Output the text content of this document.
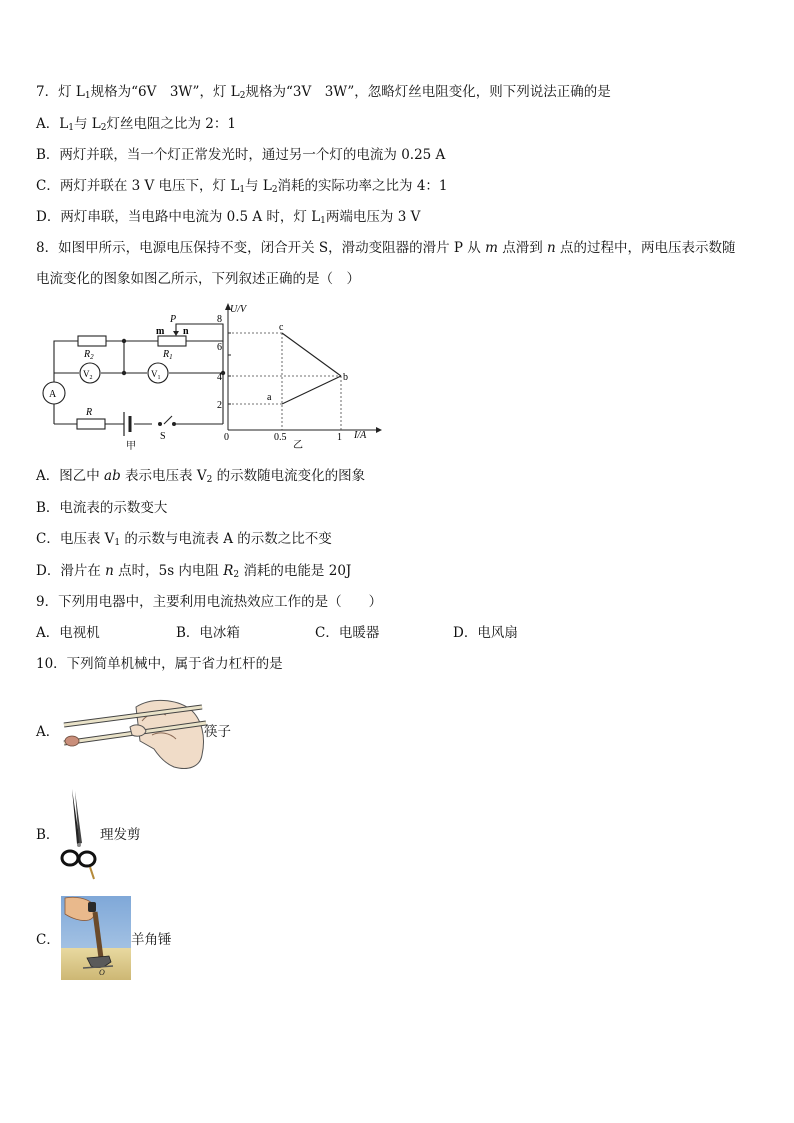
7．灯 $L_1$规格为“6V　3W”，灯 $L_2$规格为“3V　3W”，忽略灯丝电阻变化，则下列说法正确的是
A．$L_1$与 $L_2$灯丝电阻之比为 2：1
B．两灯并联，当一个灯正常发光时，通过另一个灯的电流为 0.25 A
C．两灯并联在 3 V 电压下，灯 $L_1$与 $L_2$消耗的实际功率之比为 4：1
D．两灯串联，当电路中电流为 0.5 A 时，灯 $L_1$两端电压为 3 V
8．如图甲所示，电源电压保持不变，闭合开关 S，滑动变阻器的滑片 P 从 m 点滑到 n 点的过程中，两电压表示数随
电流变化的图象如图乙所示，下列叙述正确的是（　）
$R_2$	$R_1$
P
m n
$V_2$	$V_1$
A
R
S
甲
U/V
I/A
8
6
4
2
0	0.5	1
c
b
a
乙
A．图乙中 ab 表示电压表 $V_2$ 的示数随电流变化的图象
B．电流表的示数变大
C．电压表 $V_1$ 的示数与电流表 A 的示数之比不变
D．滑片在 n 点时，5s 内电阻 $R_2$ 消耗的电能是 20J
9．下列用电器中，主要利用电流热效应工作的是（　　）
A．电视机	B．电冰箱	C．电暖器	D．电风扇
10．下列简单机械中，属于省力杠杆的是
A．	筷子
B．	理发剪
C．
O
羊角锤
